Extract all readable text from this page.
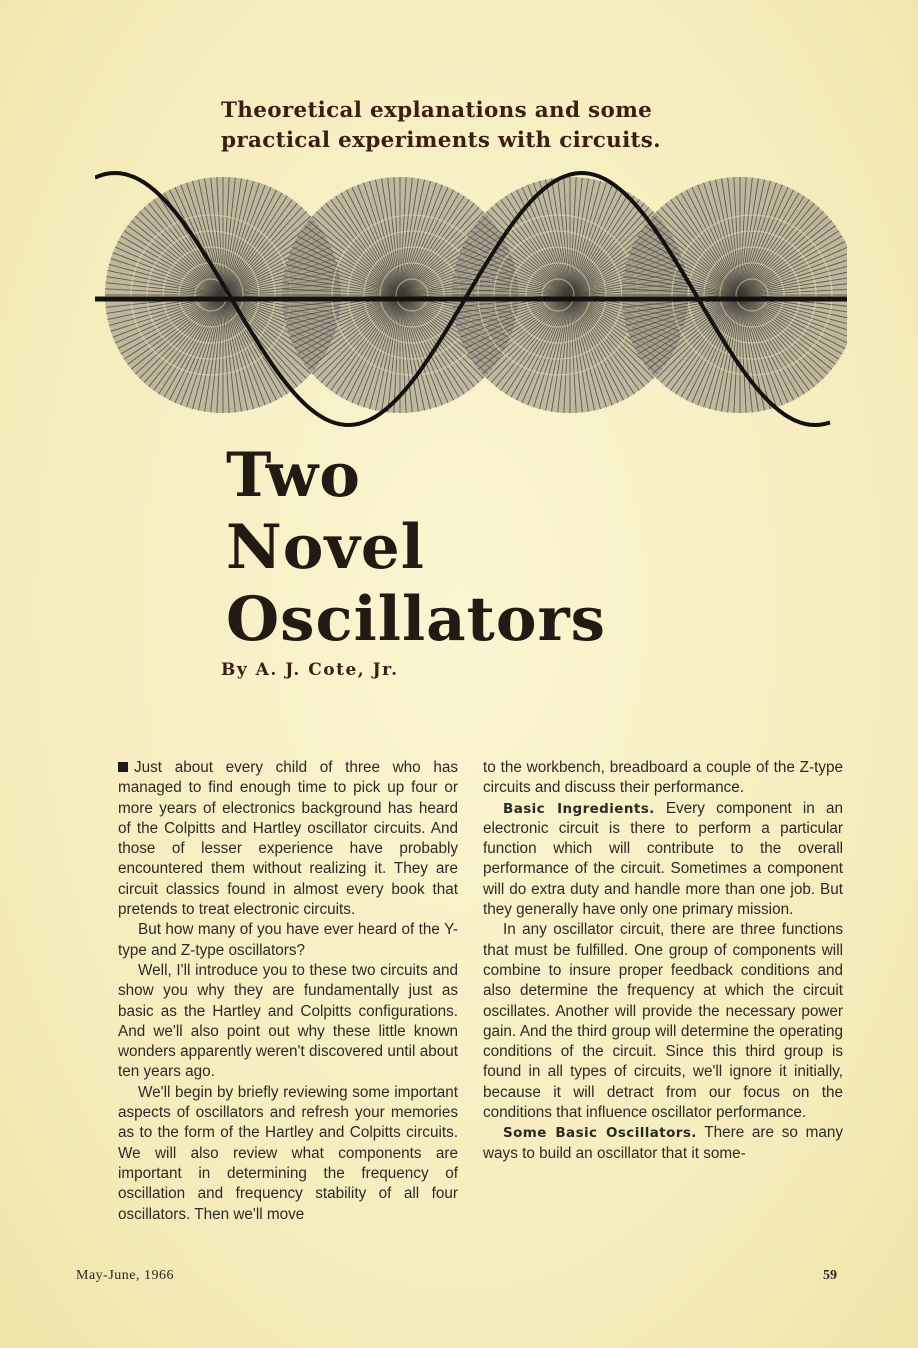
Theoretical explanations and some
practical experiments with circuits.
Two
Novel
Oscillators
By A. J. Cote, Jr.

Just about every child of three who has managed to find enough time to pick up four or more years of electronics background has heard of the Colpitts and Hartley oscillator circuits. And those of lesser experience have probably encountered them without realizing it. They are circuit classics found in almost every book that pretends to treat electronic circuits.

But how many of you have ever heard of the Y-type and Z-type oscillators?

Well, I'll introduce you to these two circuits and show you why they are fundamentally just as basic as the Hartley and Colpitts configurations. And we'll also point out why these little known wonders apparently weren't discovered until about ten years ago.

We'll begin by briefly reviewing some important aspects of oscillators and refresh your memories as to the form of the Hartley and Colpitts circuits. We will also review what components are important in determining the frequency of oscillation and frequency stability of all four oscillators. Then we'll move

to the workbench, breadboard a couple of the Z-type circuits and discuss their performance.

Basic Ingredients. Every component in an electronic circuit is there to perform a particular function which will contribute to the overall performance of the circuit. Sometimes a component will do extra duty and handle more than one job. But they generally have only one primary mission.

In any oscillator circuit, there are three functions that must be fulfilled. One group of components will combine to insure proper feedback conditions and also determine the frequency at which the circuit oscillates. Another will provide the necessary power gain. And the third group will determine the operating conditions of the circuit. Since this third group is found in all types of circuits, we'll ignore it initially, because it will detract from our focus on the conditions that influence oscillator performance.

Some Basic Oscillators. There are so many ways to build an oscillator that it some-

May-June, 1966	59
